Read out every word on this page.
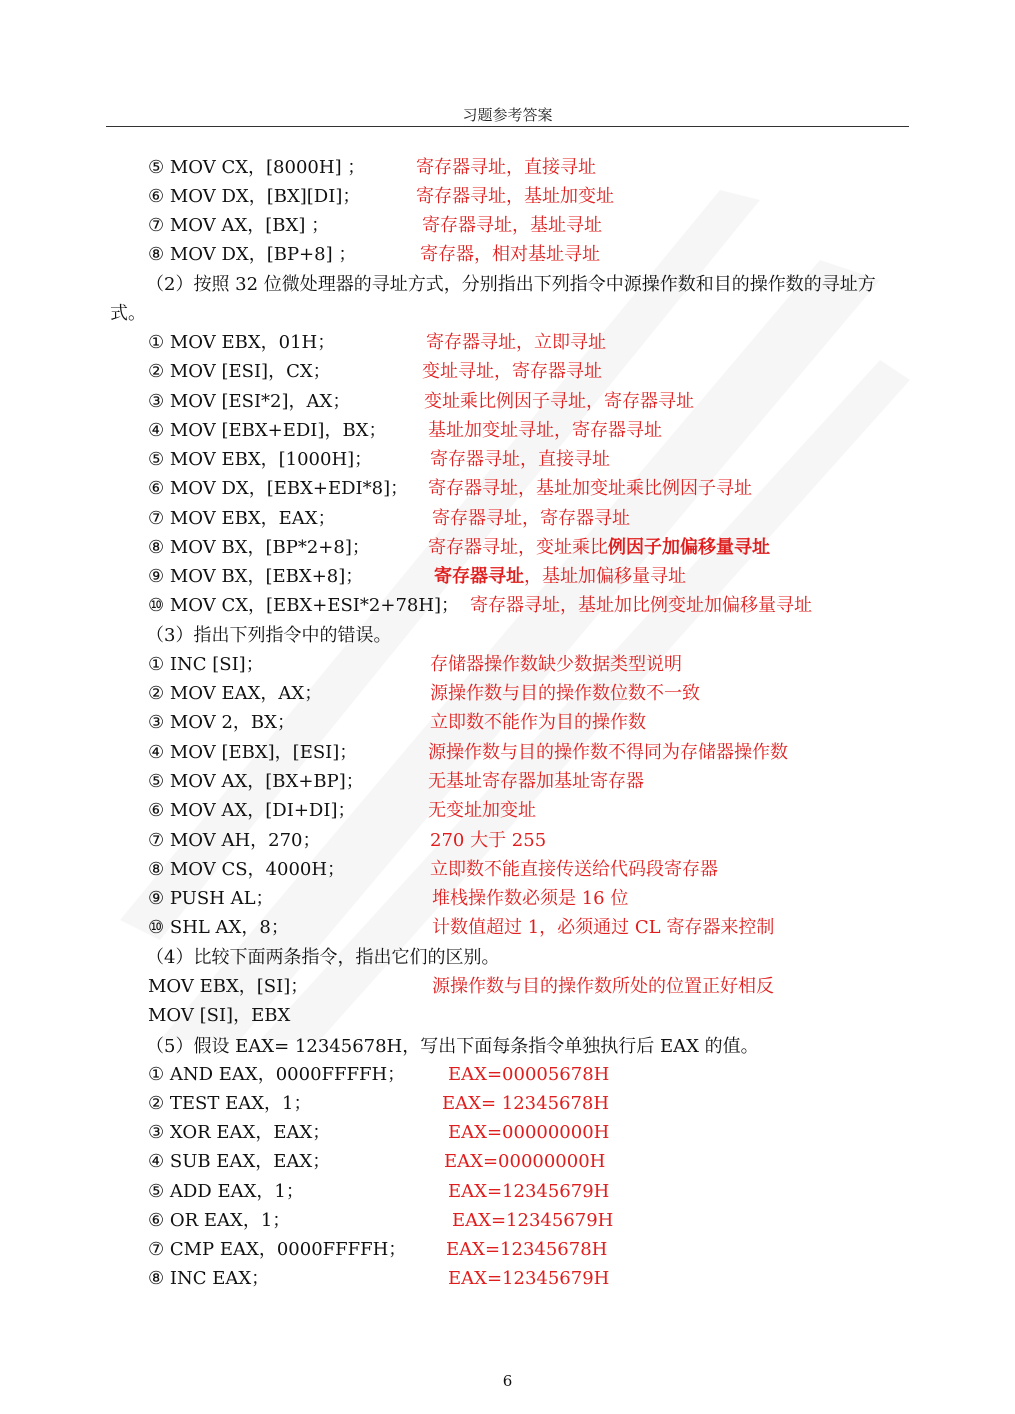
习题参考答案
⑤ MOV CX，[8000H] ；	寄存器寻址，直接寻址
⑥ MOV DX，[BX][DI]；	寄存器寻址，基址加变址
⑦ MOV AX，[BX] ；	寄存器寻址，基址寻址
⑧ MOV DX，[BP+8] ；	寄存器，相对基址寻址
（2）按照 32 位微处理器的寻址方式，分别指出下列指令中源操作数和目的操作数的寻址方式。
① MOV EBX，01H；	寄存器寻址，立即寻址
② MOV [ESI]，CX；	变址寻址，寄存器寻址
③ MOV [ESI*2]，AX；	变址乘比例因子寻址，寄存器寻址
④ MOV [EBX+EDI]，BX； 基址加变址寻址，寄存器寻址
⑤ MOV EBX，[1000H]；	寄存器寻址，直接寻址
⑥ MOV DX，[EBX+EDI*8]； 寄存器寻址，基址加变址乘比例因子寻址
⑦ MOV EBX，EAX；	寄存器寻址，寄存器寻址
⑧ MOV BX，[BP*2+8]；	寄存器寻址，变址乘比例因子加偏移量寻址
⑨ MOV BX，[EBX+8]；	寄存器寻址，基址加偏移量寻址
⑩ MOV CX，[EBX+ESI*2+78H]； 寄存器寻址，基址加比例变址加偏移量寻址
（3）指出下列指令中的错误。
① INC [SI]；	存储器操作数缺少数据类型说明
② MOV EAX，AX；	源操作数与目的操作数位数不一致
③ MOV 2，BX；	立即数不能作为目的操作数
④ MOV [EBX]，[ESI]；	源操作数与目的操作数不得同为存储器操作数
⑤ MOV AX，[BX+BP]；	无基址寄存器加基址寄存器
⑥ MOV AX，[DI+DI]；	无变址加变址
⑦ MOV AH，270；	270 大于 255
⑧ MOV CS，4000H；	立即数不能直接传送给代码段寄存器
⑨ PUSH AL；	堆栈操作数必须是 16 位
⑩ SHL AX，8；	计数值超过 1，必须通过 CL 寄存器来控制
（4）比较下面两条指令，指出它们的区别。
MOV EBX，[SI]；	源操作数与目的操作数所处的位置正好相反
MOV [SI]，EBX
（5）假设 EAX= 12345678H，写出下面每条指令单独执行后 EAX 的值。
① AND EAX，0000FFFFH； EAX=00005678H
② TEST EAX，1；	EAX= 12345678H
③ XOR EAX，EAX；	EAX=00000000H
④ SUB EAX，EAX；	EAX=00000000H
⑤ ADD EAX，1；	EAX=12345679H
⑥ OR EAX，1；	EAX=12345679H
⑦ CMP EAX，0000FFFFH； EAX=12345678H
⑧ INC EAX；	EAX=12345679H
6
